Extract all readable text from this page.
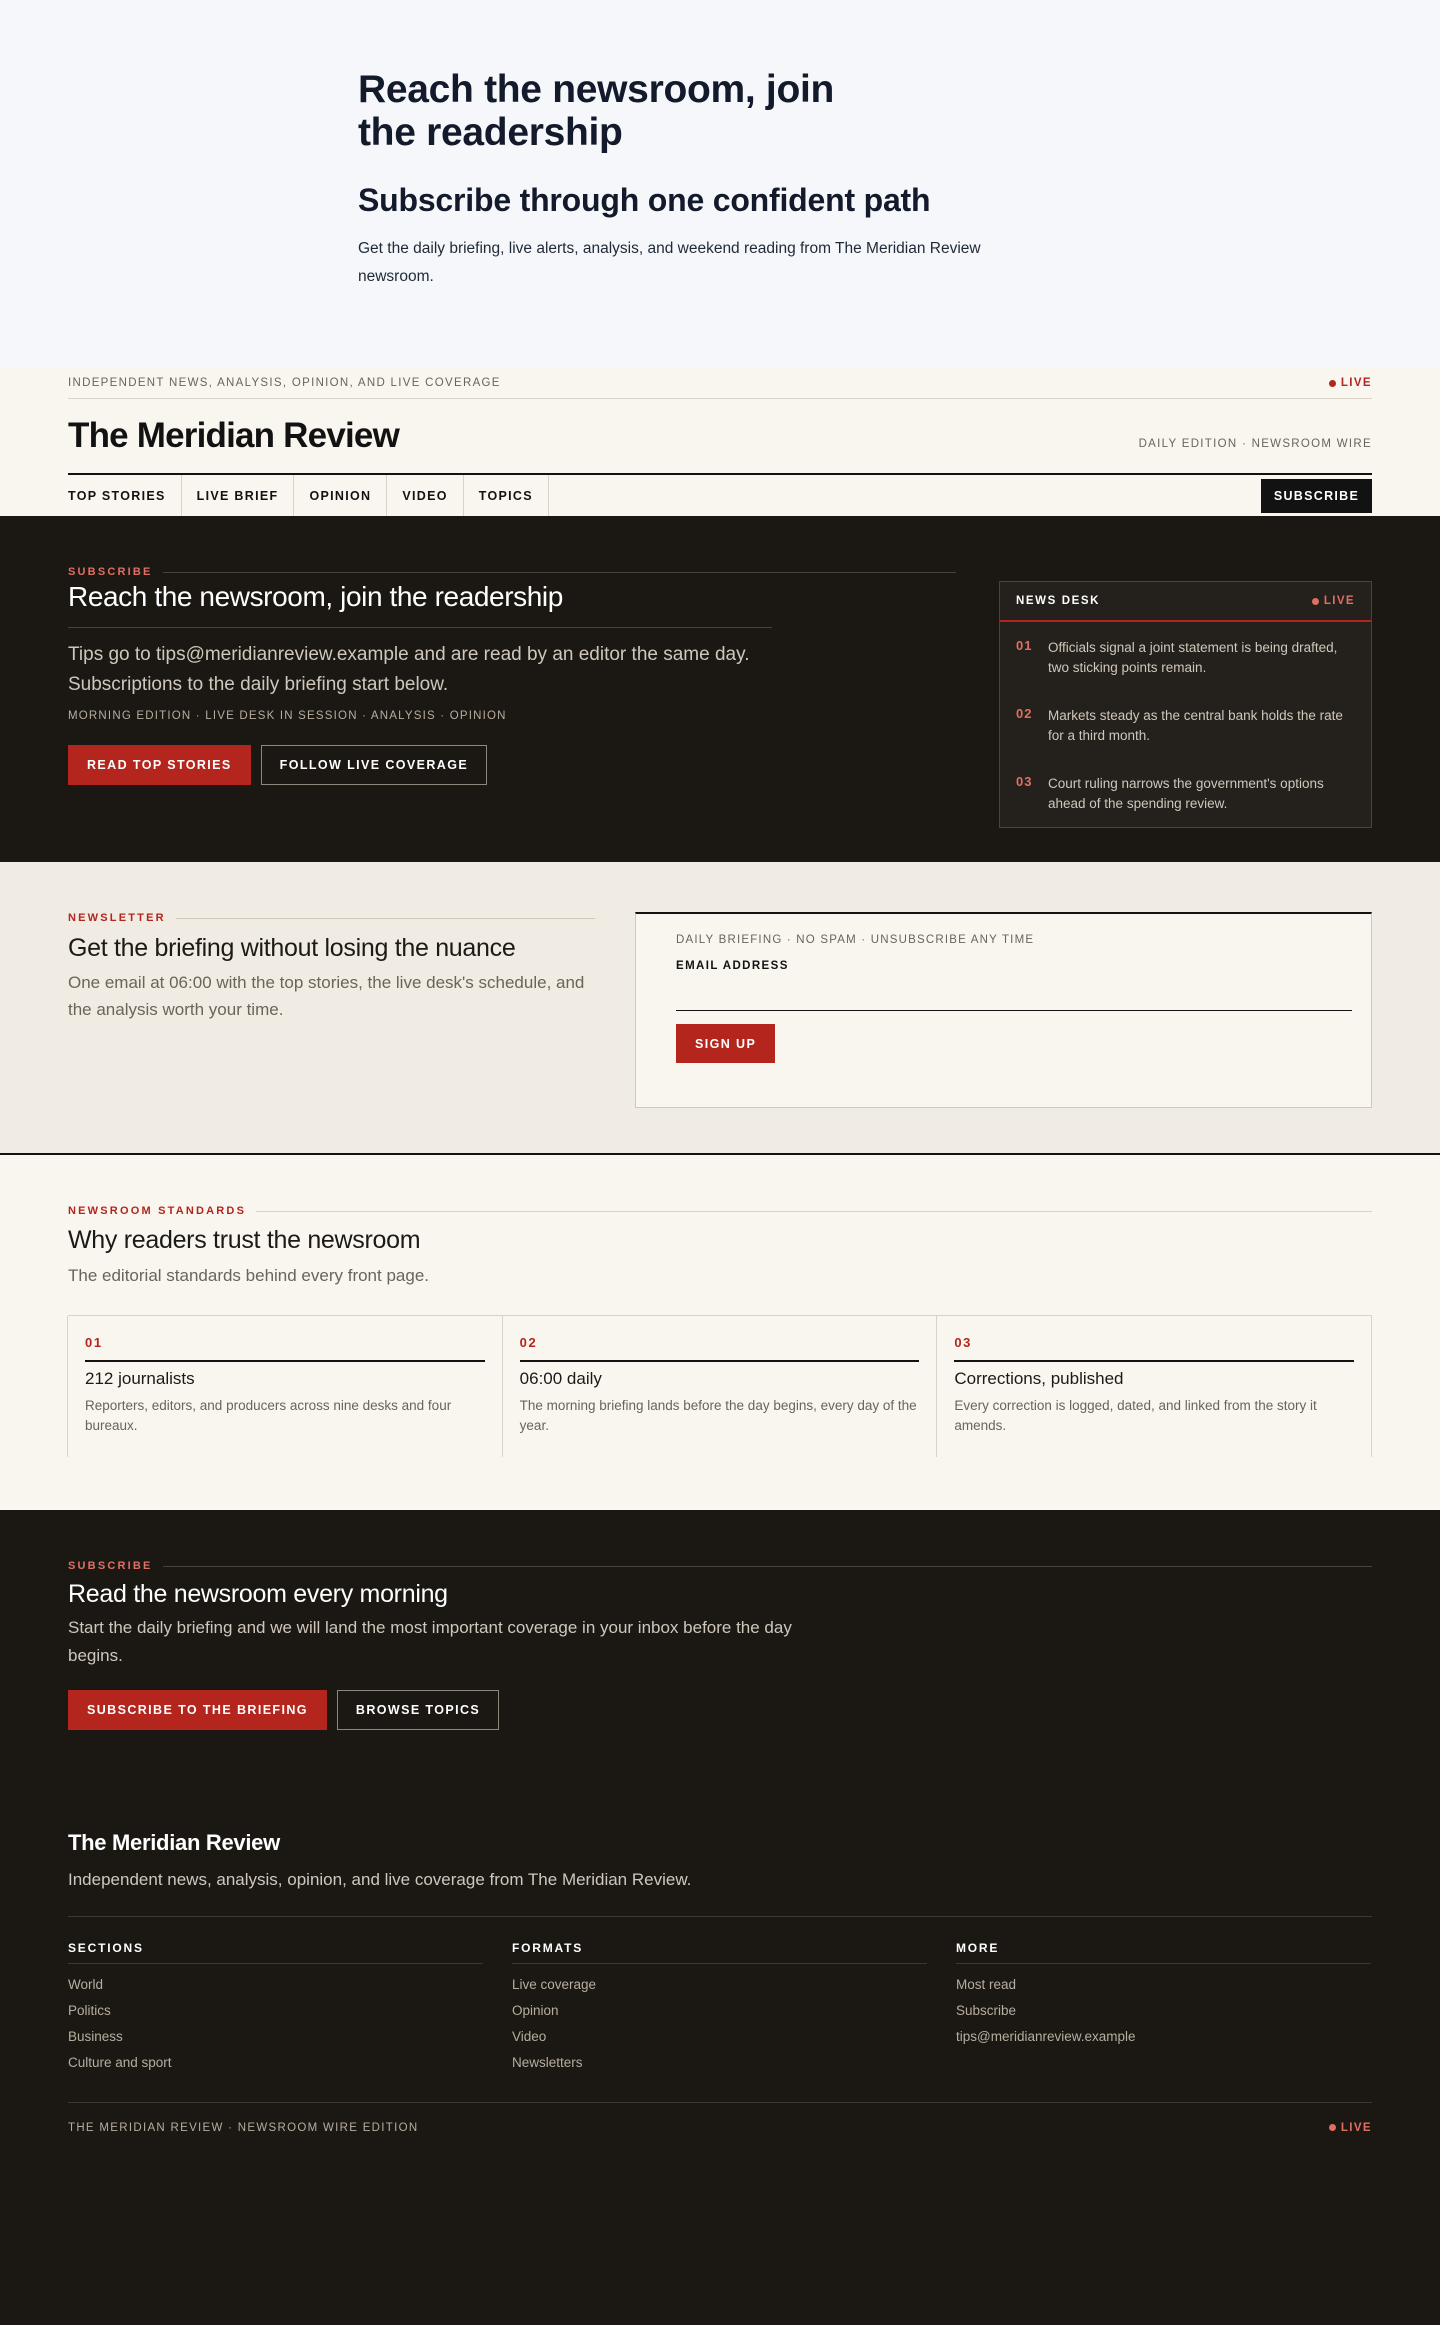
Reach the newsroom, join the readership
Subscribe through one confident path

Get the daily briefing, live alerts, analysis, and weekend reading from The Meridian Review newsroom.

INDEPENDENT NEWS, ANALYSIS, OPINION, AND LIVE COVERAGE	LIVE
The Meridian Review	DAILY EDITION · NEWSROOM WIRE
TOP STORIES	LIVE BRIEF	OPINION	VIDEO	TOPICS	SUBSCRIBE
SUBSCRIBE
Reach the newsroom, join the readership

Tips go to tips@meridianreview.example and are read by an editor the same day. Subscriptions to the daily briefing start below.

MORNING EDITION · LIVE DESK IN SESSION · ANALYSIS · OPINION

READ TOP STORIES	FOLLOW LIVE COVERAGE
NEWS DESK	LIVE
01	Officials signal a joint statement is being drafted, two sticking points remain.
02	Markets steady as the central bank holds the rate for a third month.
03	Court ruling narrows the government's options ahead of the spending review.
NEWSLETTER
Get the briefing without losing the nuance

One email at 06:00 with the top stories, the live desk's schedule, and the analysis worth your time.

DAILY BRIEFING · NO SPAM · UNSUBSCRIBE ANY TIME

EMAIL ADDRESS

SIGN UP
NEWSROOM STANDARDS
Why readers trust the newsroom

The editorial standards behind every front page.

01

212 journalists

Reporters, editors, and producers across nine desks and four bureaux.

02

06:00 daily

The morning briefing lands before the day begins, every day of the year.

03

Corrections, published

Every correction is logged, dated, and linked from the story it amends.

SUBSCRIBE
Read the newsroom every morning

Start the daily briefing and we will land the most important coverage in your inbox before the day begins.

SUBSCRIBE TO THE BRIEFING	BROWSE TOPICS

The Meridian Review

Independent news, analysis, opinion, and live coverage from The Meridian Review.

SECTIONS

World
Politics
Business
Culture and sport

FORMATS

Live coverage
Opinion
Video
Newsletters

MORE

Most read
Subscribe
tips@meridianreview.example
THE MERIDIAN REVIEW · NEWSROOM WIRE EDITION	LIVE
